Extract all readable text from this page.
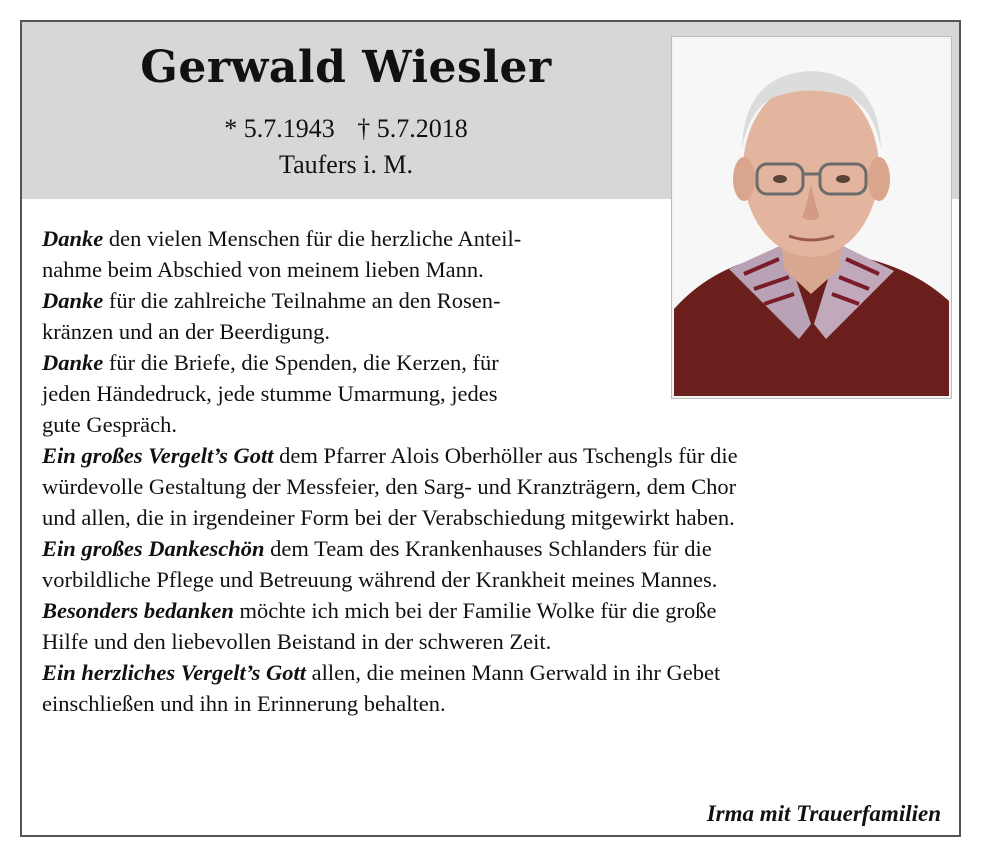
Gerwald Wiesler
* 5.7.1943 † 5.7.2018
Taufers i. M.
Danke den vielen Menschen für die herzliche Anteil-
nahme beim Abschied von meinem lieben Mann.
Danke für die zahlreiche Teilnahme an den Rosen-
kränzen und an der Beerdigung.
Danke für die Briefe, die Spenden, die Kerzen, für
jeden Händedruck, jede stumme Umarmung, jedes
gute Gespräch.
Ein großes Vergelt’s Gott dem Pfarrer Alois Oberhöller aus Tschengls für die
würdevolle Gestaltung der Messfeier, den Sarg- und Kranzträgern, dem Chor
und allen, die in irgendeiner Form bei der Verabschiedung mitgewirkt haben.
Ein großes Dankeschön dem Team des Krankenhauses Schlanders für die
vorbildliche Pflege und Betreuung während der Krankheit meines Mannes.
Besonders bedanken möchte ich mich bei der Familie Wolke für die große
Hilfe und den liebevollen Beistand in der schweren Zeit.
Ein herzliches Vergelt’s Gott allen, die meinen Mann Gerwald in ihr Gebet
einschließen und ihn in Erinnerung behalten.
Irma mit Trauerfamilien
